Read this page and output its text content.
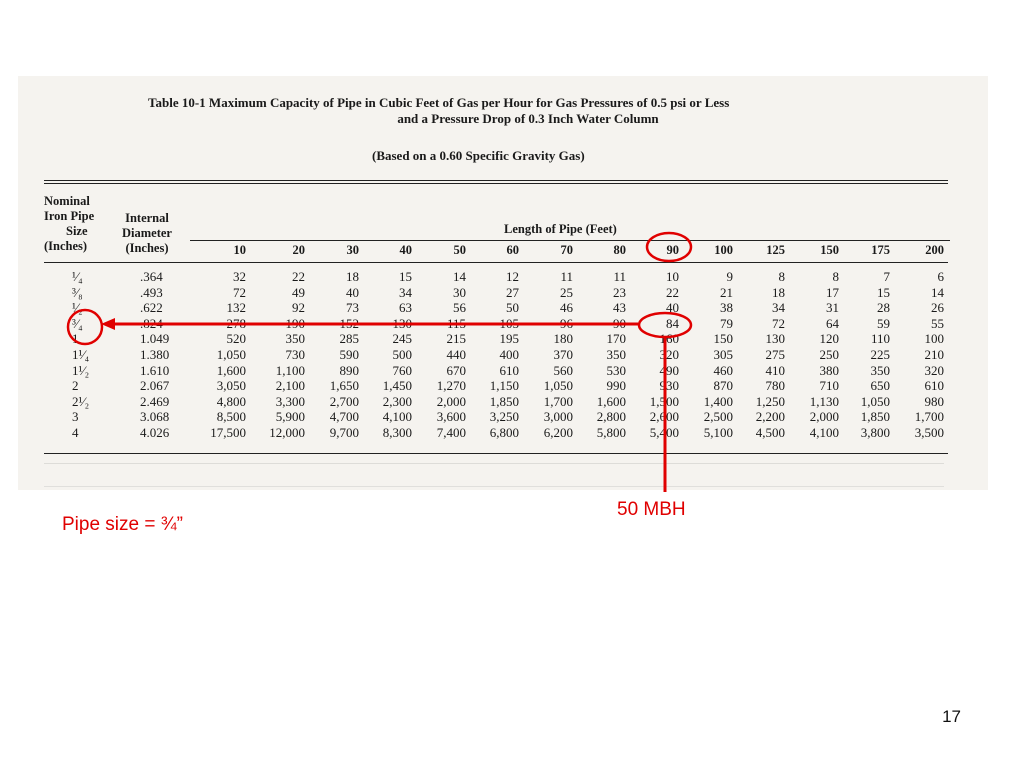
Table 10-1 Maximum Capacity of Pipe in Cubic Feet of Gas per Hour for Gas Pressures of 0.5 psi or Less
and a Pressure Drop of 0.3 Inch Water Column
(Based on a 0.60 Specific Gravity Gas)
Nominal
Iron Pipe
Size
(Inches)
Internal
Diameter
(Inches)
Length of Pipe (Feet)
10	20	30	40	50	60	70	80	90	100	125	150	175	200
¹⁄₄	.364	32	22	18	15	14	12	11	11	10	9	8	8	7	6
³⁄₈	.493	72	49	40	34	30	27	25	23	22	21	18	17	15	14
¹⁄₂	.622	132	92	73	63	56	50	46	43	40	38	34	31	28	26
³⁄₄	.824	278	190	152	130	115	105	96	90	84	79	72	64	59	55
1	1.049	520	350	285	245	215	195	180	170	160	150	130	120	110	100
1¹⁄₄	1.380	1,050	730	590	500	440	400	370	350	320	305	275	250	225	210
1¹⁄₂	1.610	1,600	1,100	890	760	670	610	560	530	490	460	410	380	350	320
2	2.067	3,050	2,100	1,650	1,450	1,270	1,150	1,050	990	930	870	780	710	650	610
2¹⁄₂	2.469	4,800	3,300	2,700	2,300	2,000	1,850	1,700	1,600	1,500	1,400	1,250	1,130	1,050	980
3	3.068	8,500	5,900	4,700	4,100	3,600	3,250	3,000	2,800	2,600	2,500	2,200	2,000	1,850	1,700
4	4.026	17,500	12,000	9,700	8,300	7,400	6,800	6,200	5,800	5,400	5,100	4,500	4,100	3,800	3,500
50 MBH
Pipe size = ¾”
17
